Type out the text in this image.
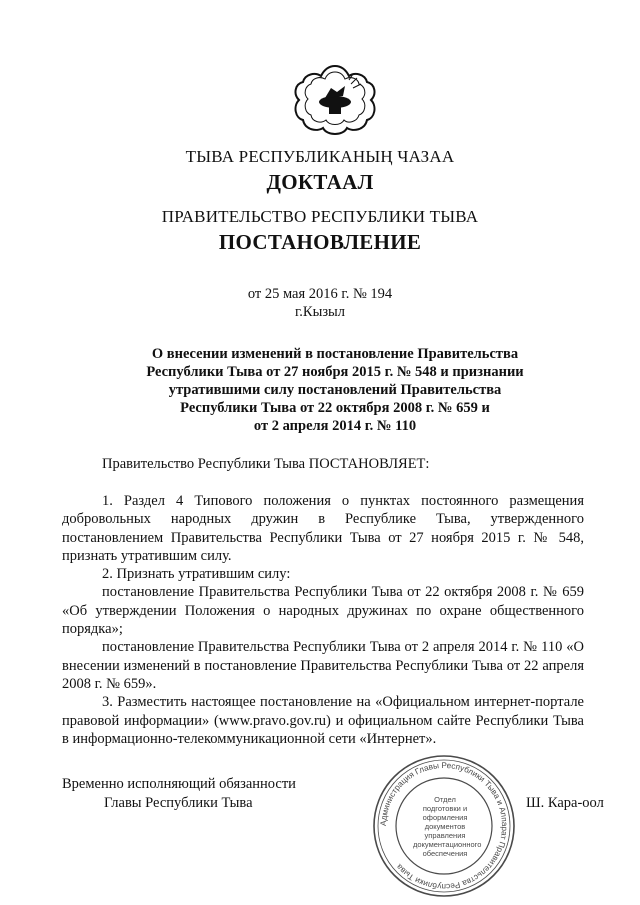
ТЫВА РЕСПУБЛИКАНЫҢ ЧАЗАА
ДОКТААЛ
ПРАВИТЕЛЬСТВО РЕСПУБЛИКИ ТЫВА
ПОСТАНОВЛЕНИЕ
от 25 мая 2016 г. № 194
г.Кызыл
О внесении изменений в постановление Правительства
Республики Тыва от 27 ноября 2015 г. № 548 и признании
утратившими силу постановлений Правительства
Республики Тыва от 22 октября 2008 г. № 659 и
от 2 апреля 2014 г. № 110

Правительство Республики Тыва ПОСТАНОВЛЯЕТ:

1. Раздел 4 Типового положения о пунктах постоянного размещения добровольных народных дружин в Республике Тыва, утвержденного постановлением Правительства Республики Тыва от 27 ноября 2015 г. № 548, признать утратившим силу.

2. Признать утратившим силу:

постановление Правительства Республики Тыва от 22 октября 2008 г. № 659 «Об утверждении Положения о народных дружинах по охране общественного порядка»;

постановление Правительства Республики Тыва от 2 апреля 2014 г. № 110 «О внесении изменений в постановление Правительства Республики Тыва от 22 апреля 2008 г. № 659».

3. Разместить настоящее постановление на «Официальном интернет-портале правовой информации» (www.pravo.gov.ru) и официальном сайте Республики Тыва в информационно-телекоммуникационной сети «Интернет».

Временно исполняющий обязанности
Главы Республики Тыва	Ш. Кара-оол
Администрация Главы Республики Тыва и Аппарат Правительства Республики Тыва
Отдел
подготовки и
оформления документов
управления
документационного
обеспечения
